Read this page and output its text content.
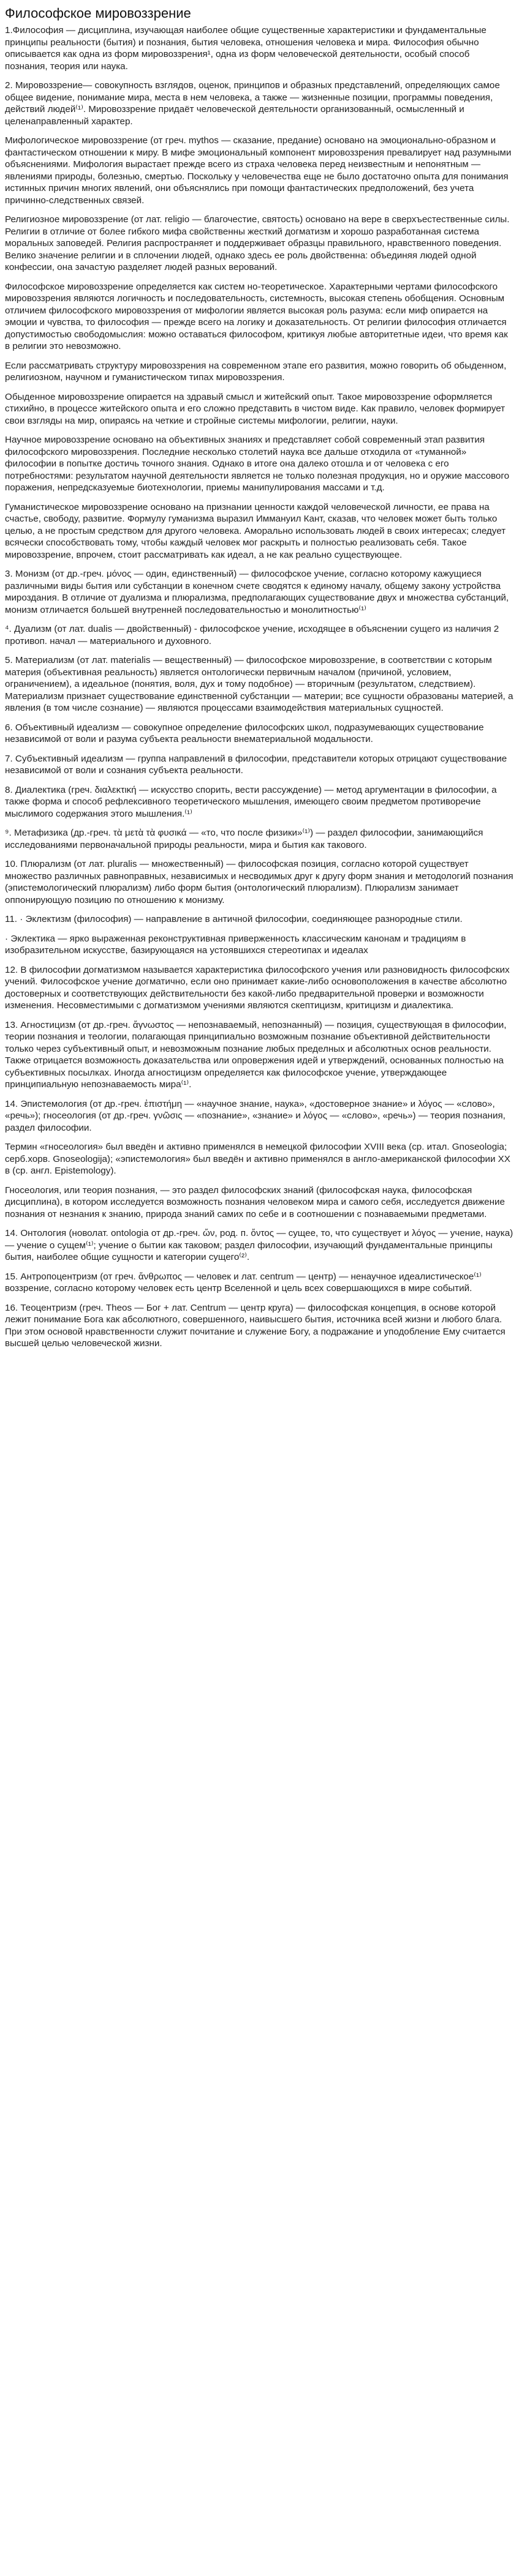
Философское мировоззрение

1.Философия — дисциплина, изучающая наиболее общие существенные характеристики и фундаментальные принципы реальности (бытия) и познания, бытия человека, отношения человека и мира. Философия обычно описывается как одна из форм мировоззрения¹, одна из форм человеческой деятельности, особый способ познания, теория или наука.

2. Мировоззрение— совокупность взглядов, оценок, принципов и образных представлений, определяющих самое общее видение, понимание мира, места в нем человека, а также — жизненные позиции, программы поведения, действий людей⁽¹⁾. Мировоззрение придаёт человеческой деятельности организованный, осмысленный и целенаправленный характер.

Мифологическое мировоззрение (от греч. mythos — сказание, предание) основано на эмоционально-образном и фантастическом отношении к миру. В мифе эмоциональный компонент мировоззрения превалирует над разумными объяснениями. Мифология вырастает прежде всего из страха человека перед неизвестным и непонятным — явлениями природы, болезнью, смертью. Поскольку у человечества еще не было достаточно опыта для понимания истинных причин многих явлений, они объяснялись при помощи фантастических предположений, без учета причинно-следственных связей.

Религиозное мировоззрение (от лат. religio — благочестие, святость) основано на вере в сверхъестественные силы. Религии в отличие от более гибкого мифа свойственны жесткий догматизм и хорошо разработанная система моральных заповедей. Религия распространяет и поддерживает образцы правильного, нравственного поведения. Велико значение религии и в сплочении людей, однако здесь ее роль двойственна: объединяя людей одной конфессии, она зачастую разделяет людей разных верований.

Философское мировоззрение определяется как систем но-теоретическое. Характерными чертами философского мировоззрения являются логичность и последовательность, системность, высокая степень обобщения. Основным отличием философского мировоззрения от мифологии является высокая роль разума: если миф опирается на эмоции и чувства, то философия — прежде всего на логику и доказательность. От религии философия отличается допустимостью свободомыслия: можно оставаться философом, критикуя любые авторитетные идеи, что время как в религии это невозможно.

Если рассматривать структуру мировоззрения на современном этапе его развития, можно говорить об обыденном, религиозном, научном и гуманистическом типах мировоззрения.

Обыденное мировоззрение опирается на здравый смысл и житейский опыт. Такое мировоззрение оформляется стихийно, в процессе житейского опыта и его сложно представить в чистом виде. Как правило, человек формирует свои взгляды на мир, опираясь на четкие и стройные системы мифологии, религии, науки.

Научное мировоззрение основано на объективных знаниях и представляет собой современный этап развития философского мировоззрения. Последние несколько столетий наука все дальше отходила от «туманной» философии в попытке достичь точного знания. Однако в итоге она далеко отошла и от человека с его потребностями: результатом научной деятельности является не только полезная продукция, но и оружие массового поражения, непредсказуемые биотехнологии, приемы манипулирования массами и т.д.

Гуманистическое мировоззрение основано на признании ценности каждой человеческой личности, ее права на счастье, свободу, развитие. Формулу гуманизма выразил Иммануил Кант, сказав, что человек может быть только целью, а не простым средством для другого человека. Аморально использовать людей в своих интересах; следует всячески способствовать тому, чтобы каждый человек мог раскрыть и полностью реализовать себя. Такое мировоззрение, впрочем, стоит рассматривать как идеал, а не как реально существующее.

3. Монизм (от др.-греч. μόνος — один, единственный) — философское учение, согласно которому кажущиеся различными виды бытия или субстанции в конечном счете сводятся к единому началу, общему закону устройства мироздания. В отличие от дуализма и плюрализма, предполагающих существование двух и множества субстанций, монизм отличается большей внутренней последовательностью и монолитностью⁽¹⁾

⁴. Дуализм (от лат. dualis — двойственный) - философское учение, исходящее в объяснении сущего из наличия 2 противоп. начал — материального и духовного.

5. Материализм (от лат. materialis — вещественный) — философское мировоззрение, в соответствии с которым материя (объективная реальность) является онтологически первичным началом (причиной, условием, ограничением), а идеальное (понятия, воля, дух и тому подобное) — вторичным (результатом, следствием). Материализм признает существование единственной субстанции — материи; все сущности образованы материей, а явления (в том числе сознание) — являются процессами взаимодействия материальных сущностей.

6. Объективный идеализм — совокупное определение философских школ, подразумевающих существование независимой от воли и разума субъекта реальности внематериальной модальности.

7. Субъективный идеализм — группа направлений в философии, представители которых отрицают существование независимой от воли и сознания субъекта реальности.

8. Диалектика (греч. διαλεκτική — искусство спорить, вести рассуждение) — метод аргументации в философии, а также форма и способ рефлексивного теоретического мышления, имеющего своим предметом противоречие мыслимого содержания этого мышления.⁽¹⁾

⁹. Метафизика (др.-греч. τὰ μετὰ τὰ φυσικά — «то, что после физики»⁽¹⁾) — раздел философии, занимающийся исследованиями первоначальной природы реальности, мира и бытия как такового.

10. Плюрализм (от лат. pluralis — множественный) — философская позиция, согласно которой существует множество различных равноправных, независимых и несводимых друг к другу форм знания и методологий познания (эпистемологический плюрализм) либо форм бытия (онтологический плюрализм). Плюрализм занимает оппонирующую позицию по отношению к монизму.

11. · Эклектизм (философия) — направление в античной философии, соединяющее разнородные стили.

· Эклектика — ярко выраженная реконструктивная приверженность классическим канонам и традициям в изобразительном искусстве, базирующаяся на устоявшихся стереотипах и идеалах

12. В философии догматизмом называется характеристика философского учения или разновидность философских учений. Философское учение догматично, если оно принимает какие-либо основоположения в качестве абсолютно достоверных и соответствующих действительности без какой-либо предварительной проверки и возможности изменения. Несовместимыми с догматизмом учениями являются скептицизм, критицизм и диалектика.

13. Агностицизм (от др.-греч. ἄγνωστος — непознаваемый, непознанный) — позиция, существующая в философии, теории познания и теологии, полагающая принципиально возможным познание объективной действительности только через субъективный опыт, и невозможным познание любых пределных и абсолютных основ реальности. Также отрицается возможность доказательства или опровержения идей и утверждений, основанных полностью на субъективных посылках. Иногда агностицизм определяется как философское учение, утверждающее принципиальную непознаваемость мира⁽¹⁾.

14. Эпистемология (от др.-греч. ἐπιστήμη — «научное знание, наука», «достоверное знание» и λόγος — «слово», «речь»); гносеология (от др.-греч. γνῶσις — «познание», «знание» и λόγος — «слово», «речь») — теория познания, раздел философии.

Термин «гносеология» был введён и активно применялся в немецкой философии XVIII века (ср. итал. Gnoseologia; серб.хорв. Gnoseologija); «эпистемология» был введён и активно применялся в англо-американской философии XX в (ср. англ. Epistemology).

Гносеология, или теория познания, — это раздел философских знаний (философская наука, философская дисциплина), в котором исследуется возможность познания человеком мира и самого себя, исследуется движение познания от незнания к знанию, природа знаний самих по себе и в соотношении с познаваемыми предметами.

14. Онтология (новолат. ontologia от др.-греч. ὤν, род. п. ὄντος — сущее, то, что существует и λόγος — учение, наука) — учение о сущем⁽¹⁾; учение о бытии как таковом; раздел философии, изучающий фундаментальные принципы бытия, наиболее общие сущности и категории сущего⁽²⁾.

15. Антропоцентризм (от греч. ἄνθρωπος — человек и лат. centrum — центр) — ненаучное идеалистическое⁽¹⁾ воззрение, согласно которому человек есть центр Вселенной и цель всех совершающихся в мире событий.

16. Теоцентризм (греч. Theos — Бог + лат. Centrum — центр круга) — философская концепция, в основе которой лежит понимание Бога как абсолютного, совершенного, наивысшего бытия, источника всей жизни и любого блага. При этом основой нравственности служит почитание и служение Богу, а подражание и уподобление Ему считается высшей целью человеческой жизни.
